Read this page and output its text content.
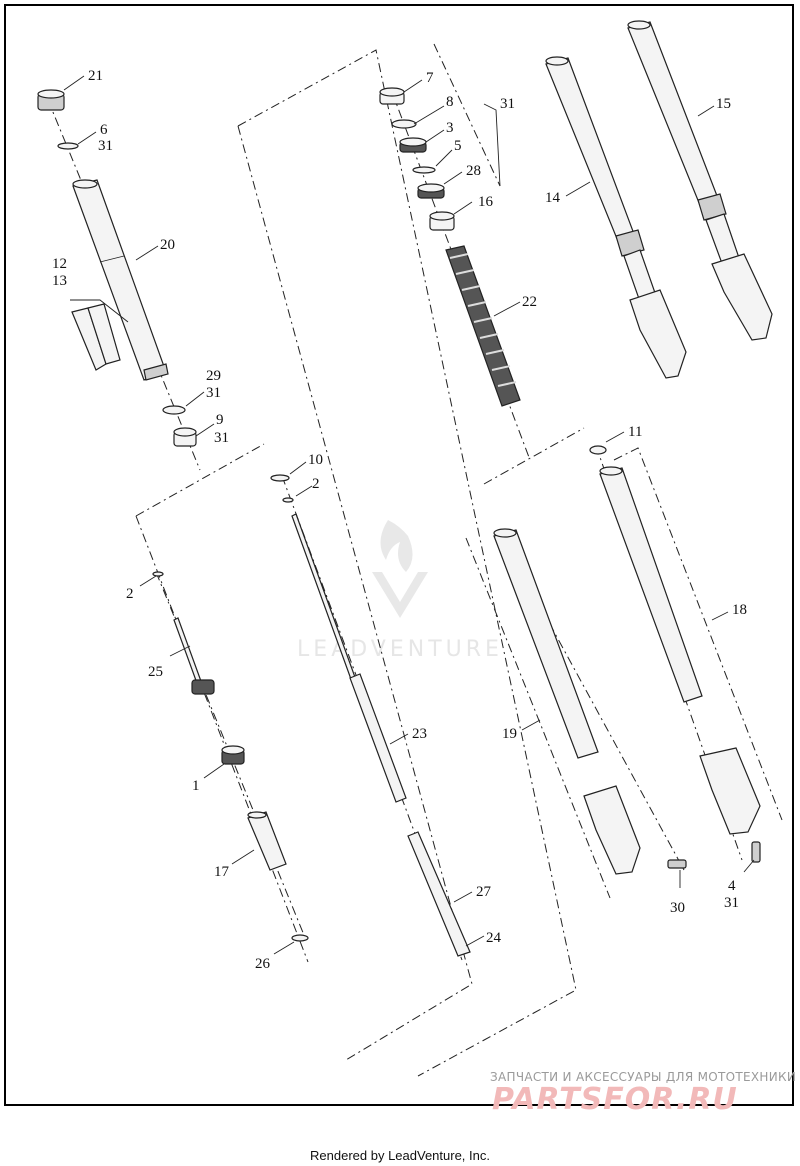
LEADVENTURE
21
6
31
20
12
13
29
31
9
31
7
8	31
3
5
28
16
22
14
15
10
2
2
25
1
17
26
23
27
24
11
18
19
30
4
31
ЗАПЧАСТИ И АКСЕССУАРЫ ДЛЯ МОТОТЕХНИКИ
PARTSFOR.RU
Rendered by LeadVenture, Inc.
